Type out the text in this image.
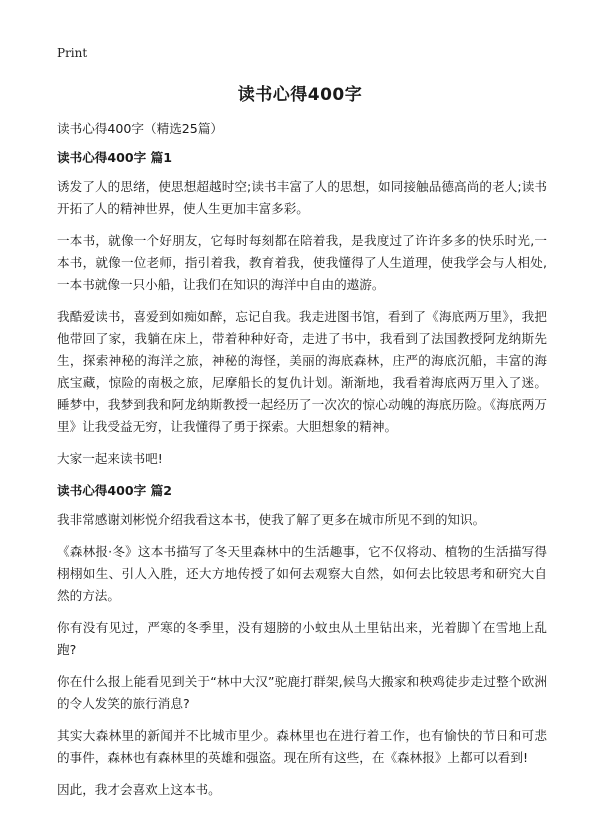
Print
读书心得400字

读书心得400字（精选25篇）

读书心得400字 篇1

诱发了人的思绪，使思想超越时空;读书丰富了人的思想，如同接触品德高尚的老人;读书开拓了人的精神世界，使人生更加丰富多彩。

一本书，就像一个好朋友，它每时每刻都在陪着我，是我度过了许许多多的快乐时光,一本书，就像一位老师，指引着我，教育着我，使我懂得了人生道理，使我学会与人相处,一本书就像一只小船，让我们在知识的海洋中自由的遨游。

我酷爱读书，喜爱到如痴如醉，忘记自我。我走进图书馆，看到了《海底两万里》，我把他带回了家，我躺在床上，带着种种好奇，走进了书中，我看到了法国教授阿龙纳斯先生，探索神秘的海洋之旅，神秘的海怪，美丽的海底森林，庄严的海底沉船，丰富的海底宝藏，惊险的南极之旅，尼摩船长的复仇计划。渐渐地，我看着海底两万里入了迷。睡梦中，我梦到我和阿龙纳斯教授一起经历了一次次的惊心动魄的海底历险。《海底两万里》让我受益无穷，让我懂得了勇于探索。大胆想象的精神。

大家一起来读书吧!

读书心得400字 篇2

我非常感谢刘彬悦介绍我看这本书，使我了解了更多在城市所见不到的知识。

《森林报·冬》这本书描写了冬天里森林中的生活趣事，它不仅将动、植物的生活描写得栩栩如生、引人入胜，还大方地传授了如何去观察大自然，如何去比较思考和研究大自然的方法。

你有没有见过，严寒的冬季里，没有翅膀的小蚊虫从土里钻出来，光着脚丫在雪地上乱跑?

你在什么报上能看见到关于“林中大汉”驼鹿打群架,候鸟大搬家和秧鸡徒步走过整个欧洲的令人发笑的旅行消息?

其实大森林里的新闻并不比城市里少。森林里也在进行着工作，也有愉快的节日和可悲的事件，森林也有森林里的英雄和强盗。现在所有这些，在《森林报》上都可以看到!

因此，我才会喜欢上这本书。
